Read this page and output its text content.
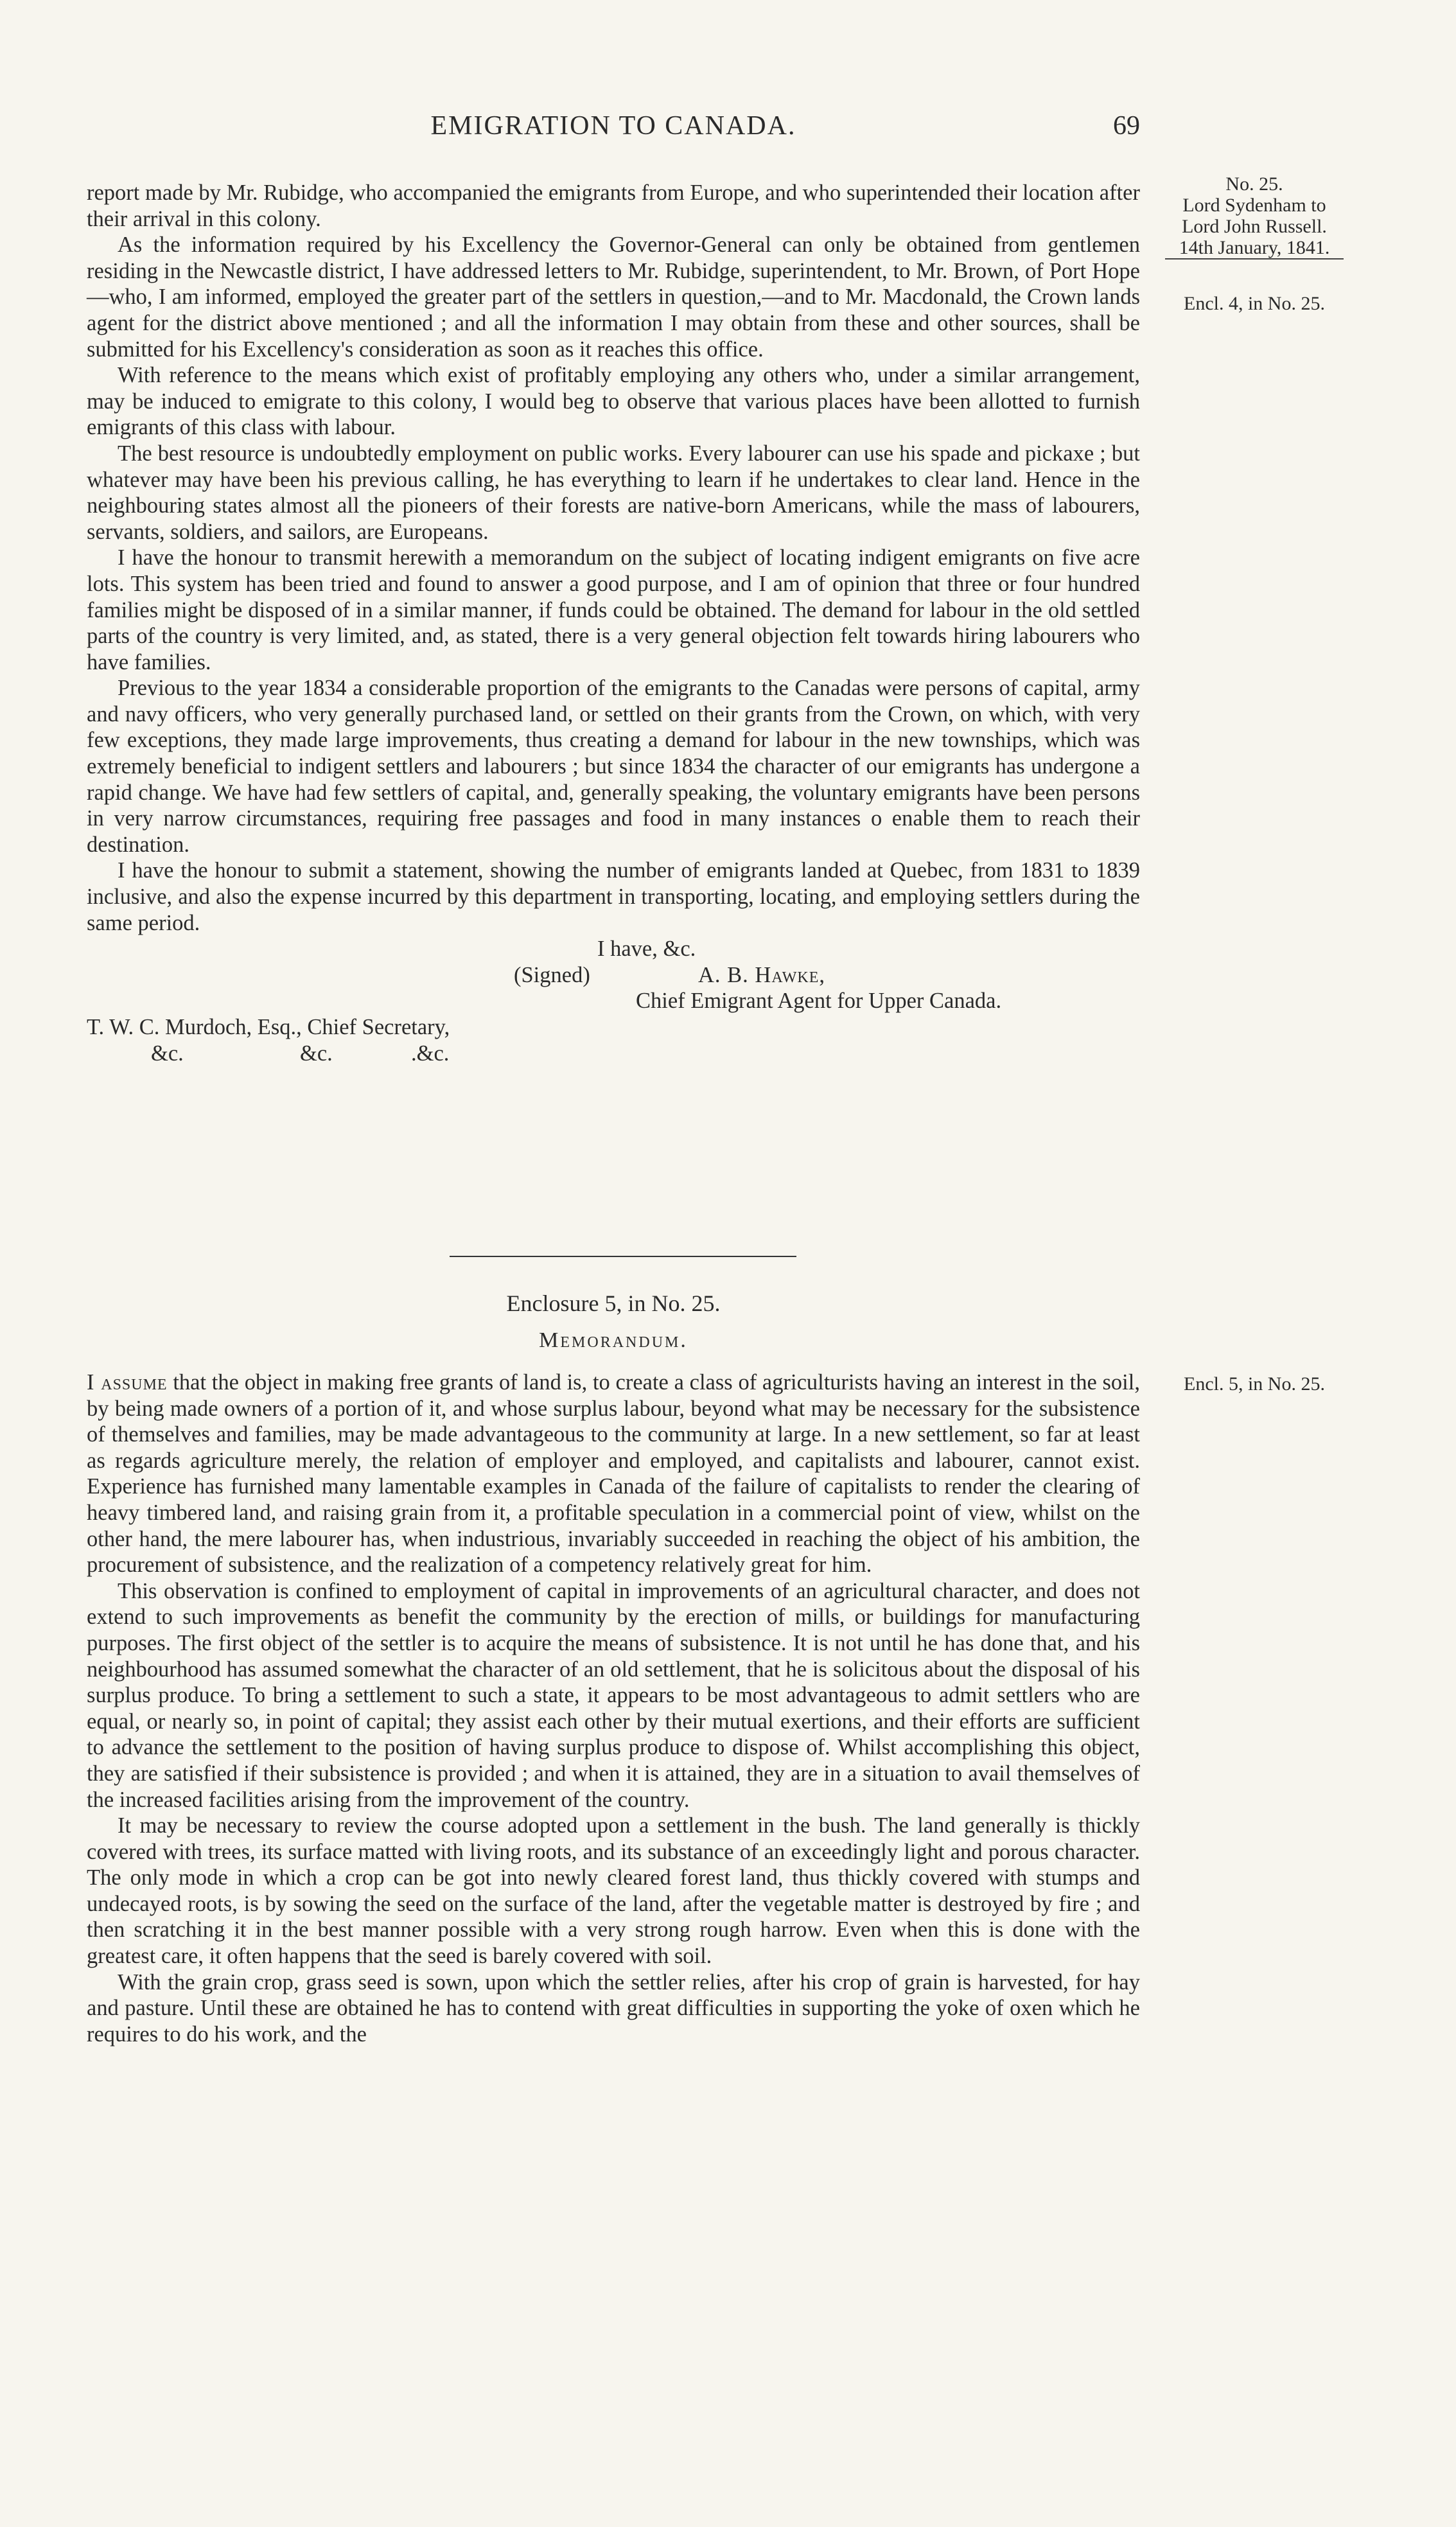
EMIGRATION TO CANADA.	69
No. 25.
Lord Sydenham to
Lord John Russell.
14th January, 1841.
Encl. 4, in No. 25.

report made by Mr. Rubidge, who accompanied the emigrants from Europe, and who superintended their location after their arrival in this colony.

As the information required by his Excellency the Governor-General can only be obtained from gentlemen residing in the Newcastle district, I have addressed letters to Mr. Rubidge, superintendent, to Mr. Brown, of Port Hope—who, I am informed, employed the greater part of the settlers in question,—and to Mr. Macdonald, the Crown lands agent for the district above mentioned ; and all the information I may obtain from these and other sources, shall be submitted for his Excellency's consideration as soon as it reaches this office.

With reference to the means which exist of profitably employing any others who, under a similar arrangement, may be induced to emigrate to this colony, I would beg to observe that various places have been allotted to furnish emigrants of this class with labour.

The best resource is undoubtedly employment on public works. Every labourer can use his spade and pickaxe ; but whatever may have been his previous calling, he has everything to learn if he undertakes to clear land. Hence in the neighbouring states almost all the pioneers of their forests are native-born Americans, while the mass of labourers, servants, soldiers, and sailors, are Europeans.

I have the honour to transmit herewith a memorandum on the subject of locating indigent emigrants on five acre lots. This system has been tried and found to answer a good purpose, and I am of opinion that three or four hundred families might be disposed of in a similar manner, if funds could be obtained. The demand for labour in the old settled parts of the country is very limited, and, as stated, there is a very general objection felt towards hiring labourers who have families.

Previous to the year 1834 a considerable proportion of the emigrants to the Canadas were persons of capital, army and navy officers, who very generally purchased land, or settled on their grants from the Crown, on which, with very few exceptions, they made large improvements, thus creating a demand for labour in the new townships, which was extremely beneficial to indigent settlers and labourers ; but since 1834 the character of our emigrants has undergone a rapid change. We have had few settlers of capital, and, generally speaking, the voluntary emigrants have been persons in very narrow circumstances, requiring free passages and food in many instances o enable them to reach their destination.

I have the honour to submit a statement, showing the number of emigrants landed at Quebec, from 1831 to 1839 inclusive, and also the expense incurred by this department in transporting, locating, and employing settlers during the same period.

I have, &c.

(Signed)

	A. B. Hawke,

Chief Emigrant Agent for Upper Canada.
T. W. C. Murdoch, Esq., Chief Secretary,

&c.

	&c.

	.&c.

Enclosure 5, in No. 25.
Memorandum.
Encl. 5, in No. 25.

I assume that the object in making free grants of land is, to create a class of agriculturists having an interest in the soil, by being made owners of a portion of it, and whose surplus labour, beyond what may be necessary for the subsistence of themselves and families, may be made advantageous to the community at large. In a new settlement, so far at least as regards agriculture merely, the relation of employer and employed, and capitalists and labourer, cannot exist. Experience has furnished many lamentable examples in Canada of the failure of capitalists to render the clearing of heavy timbered land, and raising grain from it, a profitable speculation in a commercial point of view, whilst on the other hand, the mere labourer has, when industrious, invariably succeeded in reaching the object of his ambition, the procurement of subsistence, and the realization of a competency relatively great for him.

This observation is confined to employment of capital in improvements of an agricultural character, and does not extend to such improvements as benefit the community by the erection of mills, or buildings for manufacturing purposes. The first object of the settler is to acquire the means of subsistence. It is not until he has done that, and his neighbourhood has assumed somewhat the character of an old settlement, that he is solicitous about the disposal of his surplus produce. To bring a settlement to such a state, it appears to be most advantageous to admit settlers who are equal, or nearly so, in point of capital; they assist each other by their mutual exertions, and their efforts are sufficient to advance the settlement to the position of having surplus produce to dispose of. Whilst accomplishing this object, they are satisfied if their subsistence is provided ; and when it is attained, they are in a situation to avail themselves of the increased facilities arising from the improvement of the country.

It may be necessary to review the course adopted upon a settlement in the bush. The land generally is thickly covered with trees, its surface matted with living roots, and its substance of an exceedingly light and porous character. The only mode in which a crop can be got into newly cleared forest land, thus thickly covered with stumps and undecayed roots, is by sowing the seed on the surface of the land, after the vegetable matter is destroyed by fire ; and then scratching it in the best manner possible with a very strong rough harrow. Even when this is done with the greatest care, it often happens that the seed is barely covered with soil.

With the grain crop, grass seed is sown, upon which the settler relies, after his crop of grain is harvested, for hay and pasture. Until these are obtained he has to contend with great difficulties in supporting the yoke of oxen which he requires to do his work, and the
